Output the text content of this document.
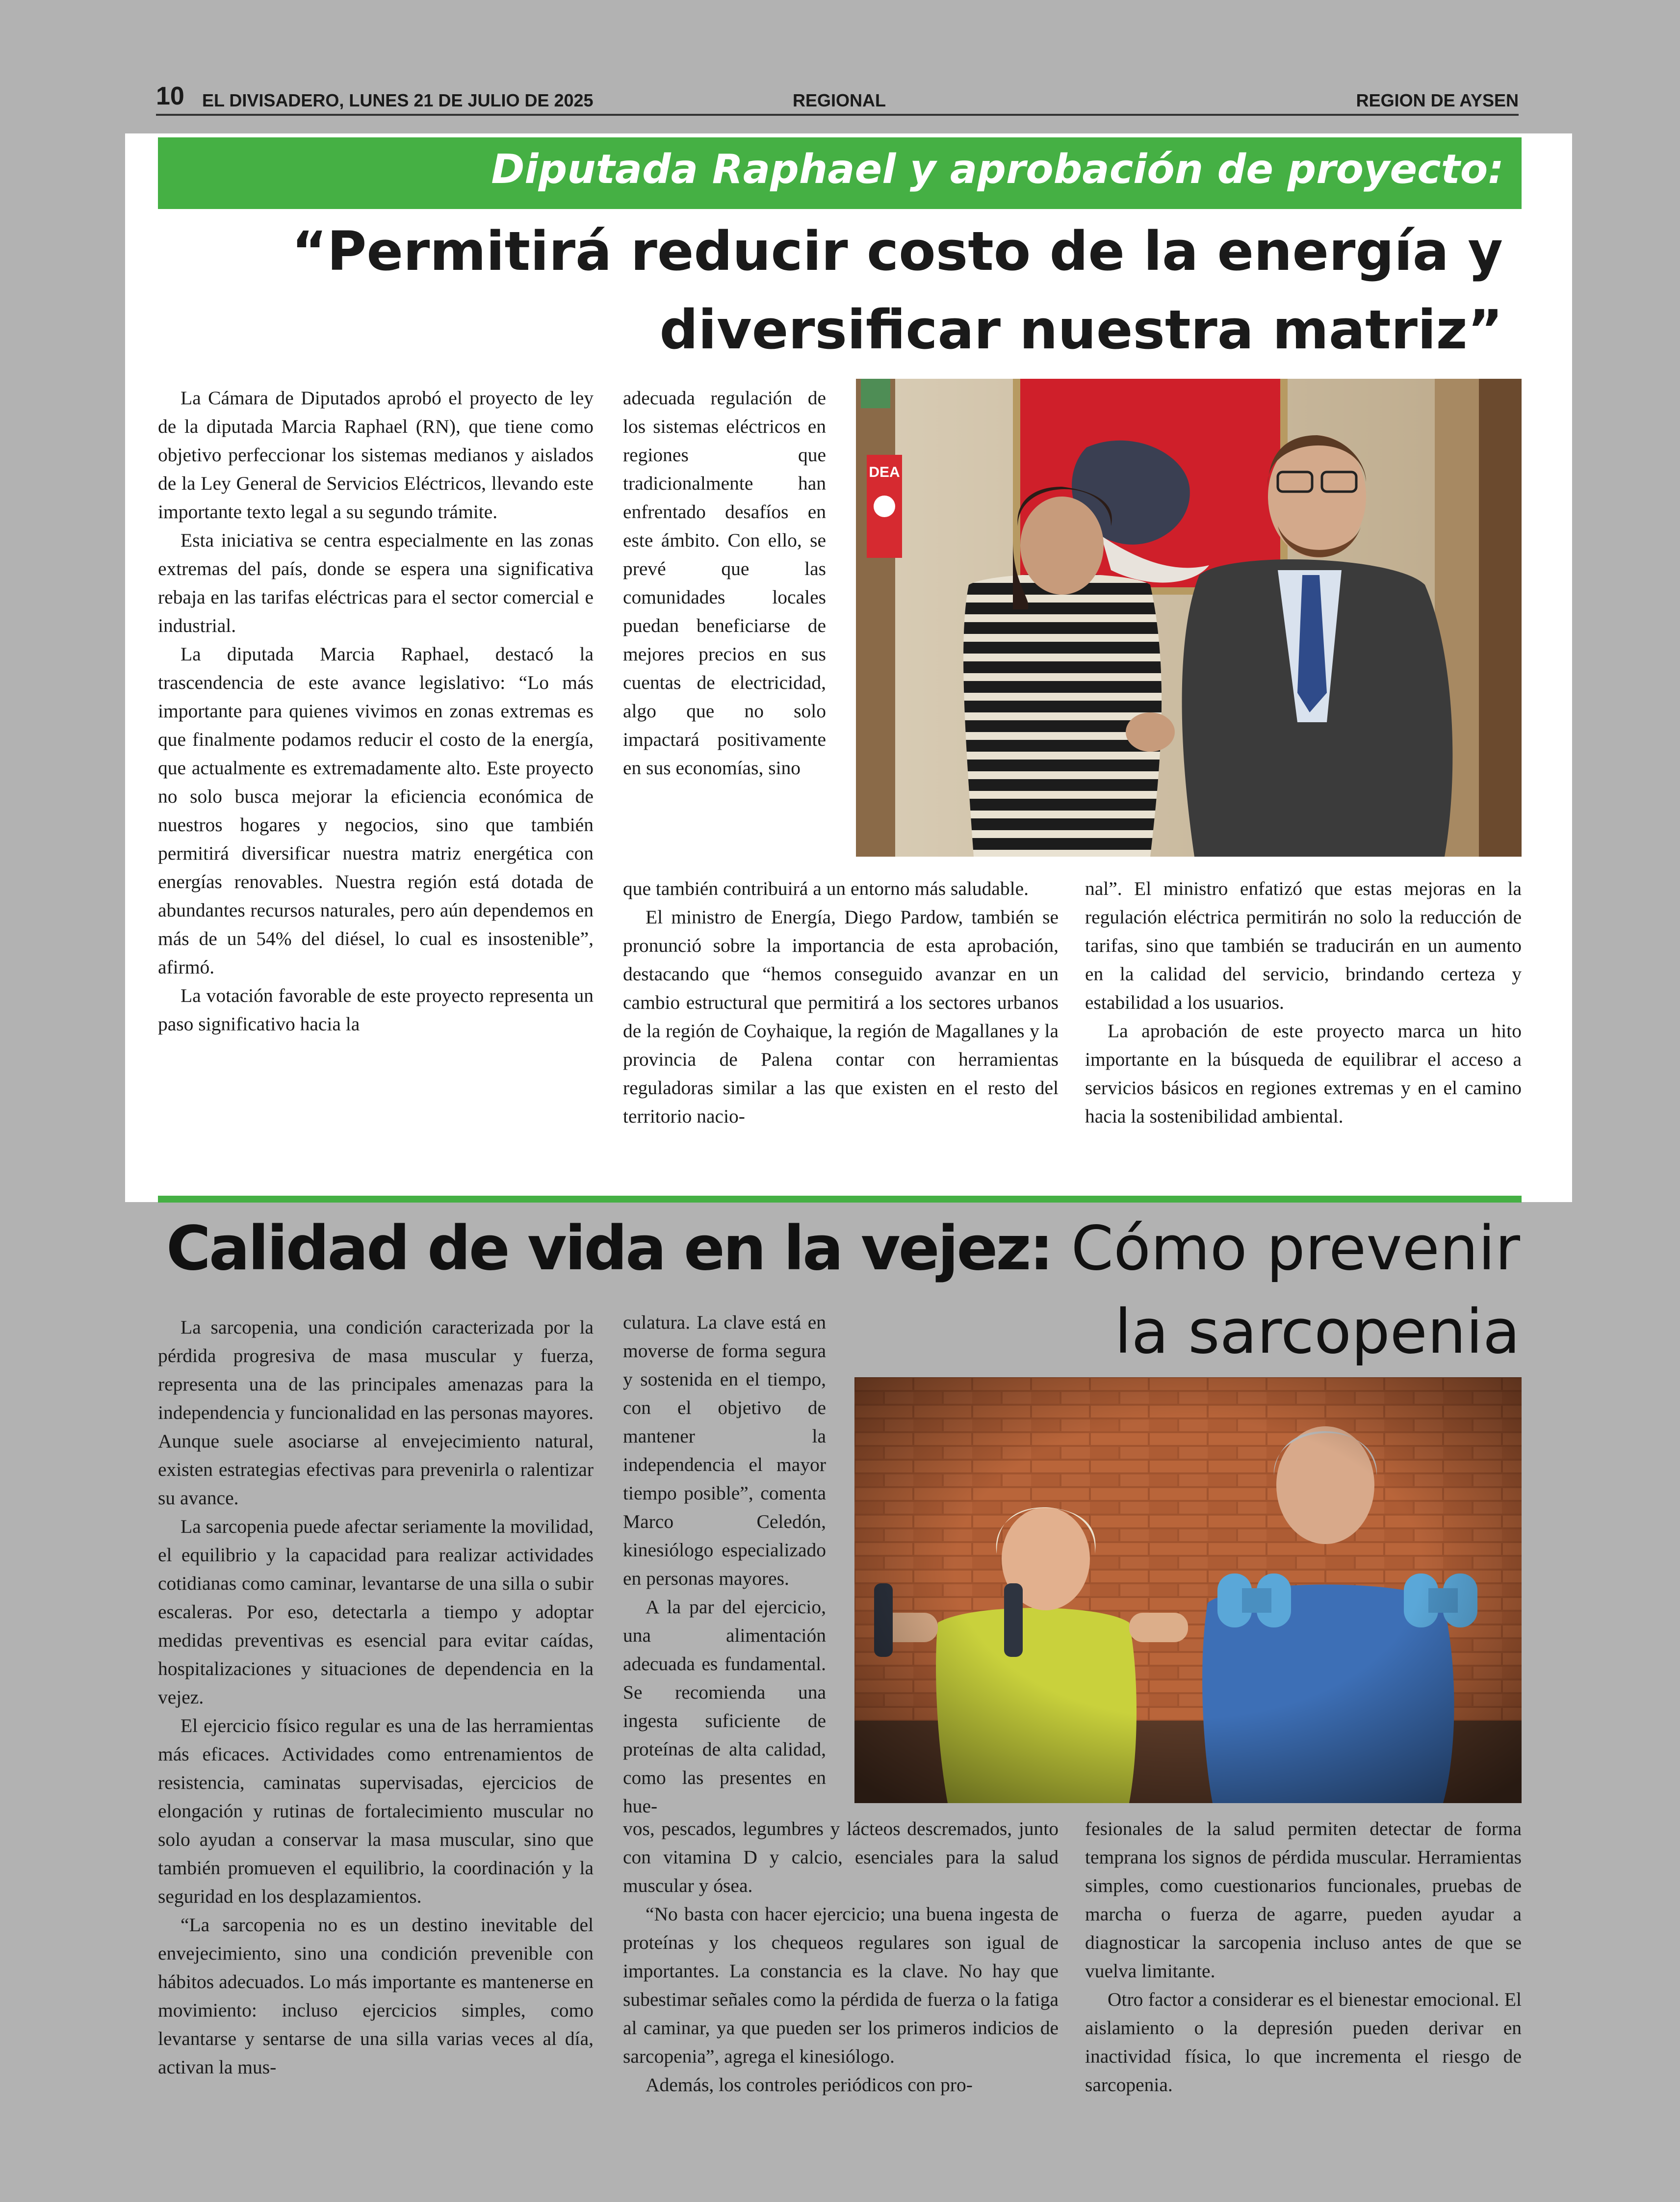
10 EL DIVISADERO, LUNES 21 DE JULIO DE 2025	REGIONAL	REGION DE AYSEN
Diputada Raphael y aprobación de proyecto:
“Permitirá reducir costo de la energía y
diversificar nuestra matriz”

La Cámara de Diputados aprobó el proyecto de ley de la diputada Marcia Raphael (RN), que tiene como objetivo perfeccionar los sistemas medianos y aislados de la Ley General de Servicios Eléctricos, llevando este importante texto legal a su segundo trámite.

Esta iniciativa se centra especialmente en las zonas extremas del país, donde se espera una significativa rebaja en las tarifas eléctricas para el sector comercial e industrial.

La diputada Marcia Raphael, destacó la trascendencia de este avance legislativo: “Lo más importante para quienes vivimos en zonas extremas es que finalmente podamos reducir el costo de la energía, que actualmente es extremadamente alto. Este proyecto no solo busca mejorar la eficiencia económica de nuestros hogares y negocios, sino que también permitirá diversificar nuestra matriz energética con energías renovables. Nuestra región está dotada de abundantes recursos naturales, pero aún dependemos en más de un 54% del diésel, lo cual es insostenible”, afirmó.

La votación favorable de este proyecto representa un paso significativo hacia la

adecuada regulación de los sistemas eléctricos en regiones que tradicionalmente han enfrentado desafíos en este ámbito. Con ello, se prevé que las comunidades locales puedan beneficiarse de mejores precios en sus cuentas de electricidad, algo que no solo impactará positivamente en sus economías, sino

que también contribuirá a un entorno más saludable.

El ministro de Energía, Diego Pardow, también se pronunció sobre la importancia de esta aprobación, destacando que “hemos conseguido avanzar en un cambio estructural que permitirá a los sectores urbanos de la región de Coyhaique, la región de Magallanes y la provincia de Palena contar con herramientas reguladoras similar a las que existen en el resto del territorio nacio-

nal”. El ministro enfatizó que estas mejoras en la regulación eléctrica permitirán no solo la reducción de tarifas, sino que también se traducirán en un aumento en la calidad del servicio, brindando certeza y estabilidad a los usuarios.

La aprobación de este proyecto marca un hito importante en la búsqueda de equilibrar el acceso a servicios básicos en regiones extremas y en el camino hacia la sostenibilidad ambiental.

DEA
Calidad de vida en la vejez: Cómo prevenir
la sarcopenia

La sarcopenia, una condición caracterizada por la pérdida progresiva de masa muscular y fuerza, representa una de las principales amenazas para la independencia y funcionalidad en las personas mayores. Aunque suele asociarse al envejecimiento natural, existen estrategias efectivas para prevenirla o ralentizar su avance.

La sarcopenia puede afectar seriamente la movilidad, el equilibrio y la capacidad para realizar actividades cotidianas como caminar, levantarse de una silla o subir escaleras. Por eso, detectarla a tiempo y adoptar medidas preventivas es esencial para evitar caídas, hospitalizaciones y situaciones de dependencia en la vejez.

El ejercicio físico regular es una de las herramientas más eficaces. Actividades como entrenamientos de resistencia, caminatas supervisadas, ejercicios de elongación y rutinas de fortalecimiento muscular no solo ayudan a conservar la masa muscular, sino que también promueven el equilibrio, la coordinación y la seguridad en los desplazamientos.

“La sarcopenia no es un destino inevitable del envejecimiento, sino una condición prevenible con hábitos adecuados. Lo más importante es mantenerse en movimiento: incluso ejercicios simples, como levantarse y sentarse de una silla varias veces al día, activan la mus-

culatura. La clave está en moverse de forma segura y sostenida en el tiempo, con el objetivo de mantener la independencia el mayor tiempo posible”, comenta Marco Celedón, kinesiólogo especializado en personas mayores.

A la par del ejercicio, una alimentación adecuada es fundamental. Se recomienda una ingesta suficiente de proteínas de alta calidad, como las presentes en hue-

vos, pescados, legumbres y lácteos descremados, junto con vitamina D y calcio, esenciales para la salud muscular y ósea.

“No basta con hacer ejercicio; una buena ingesta de proteínas y los chequeos regulares son igual de importantes. La constancia es la clave. No hay que subestimar señales como la pérdida de fuerza o la fatiga al caminar, ya que pueden ser los primeros indicios de sarcopenia”, agrega el kinesiólogo.

Además, los controles periódicos con pro-

fesionales de la salud permiten detectar de forma temprana los signos de pérdida muscular. Herramientas simples, como cuestionarios funcionales, pruebas de marcha o fuerza de agarre, pueden ayudar a diagnosticar la sarcopenia incluso antes de que se vuelva limitante.

Otro factor a considerar es el bienestar emocional. El aislamiento o la depresión pueden derivar en inactividad física, lo que incrementa el riesgo de sarcopenia.
